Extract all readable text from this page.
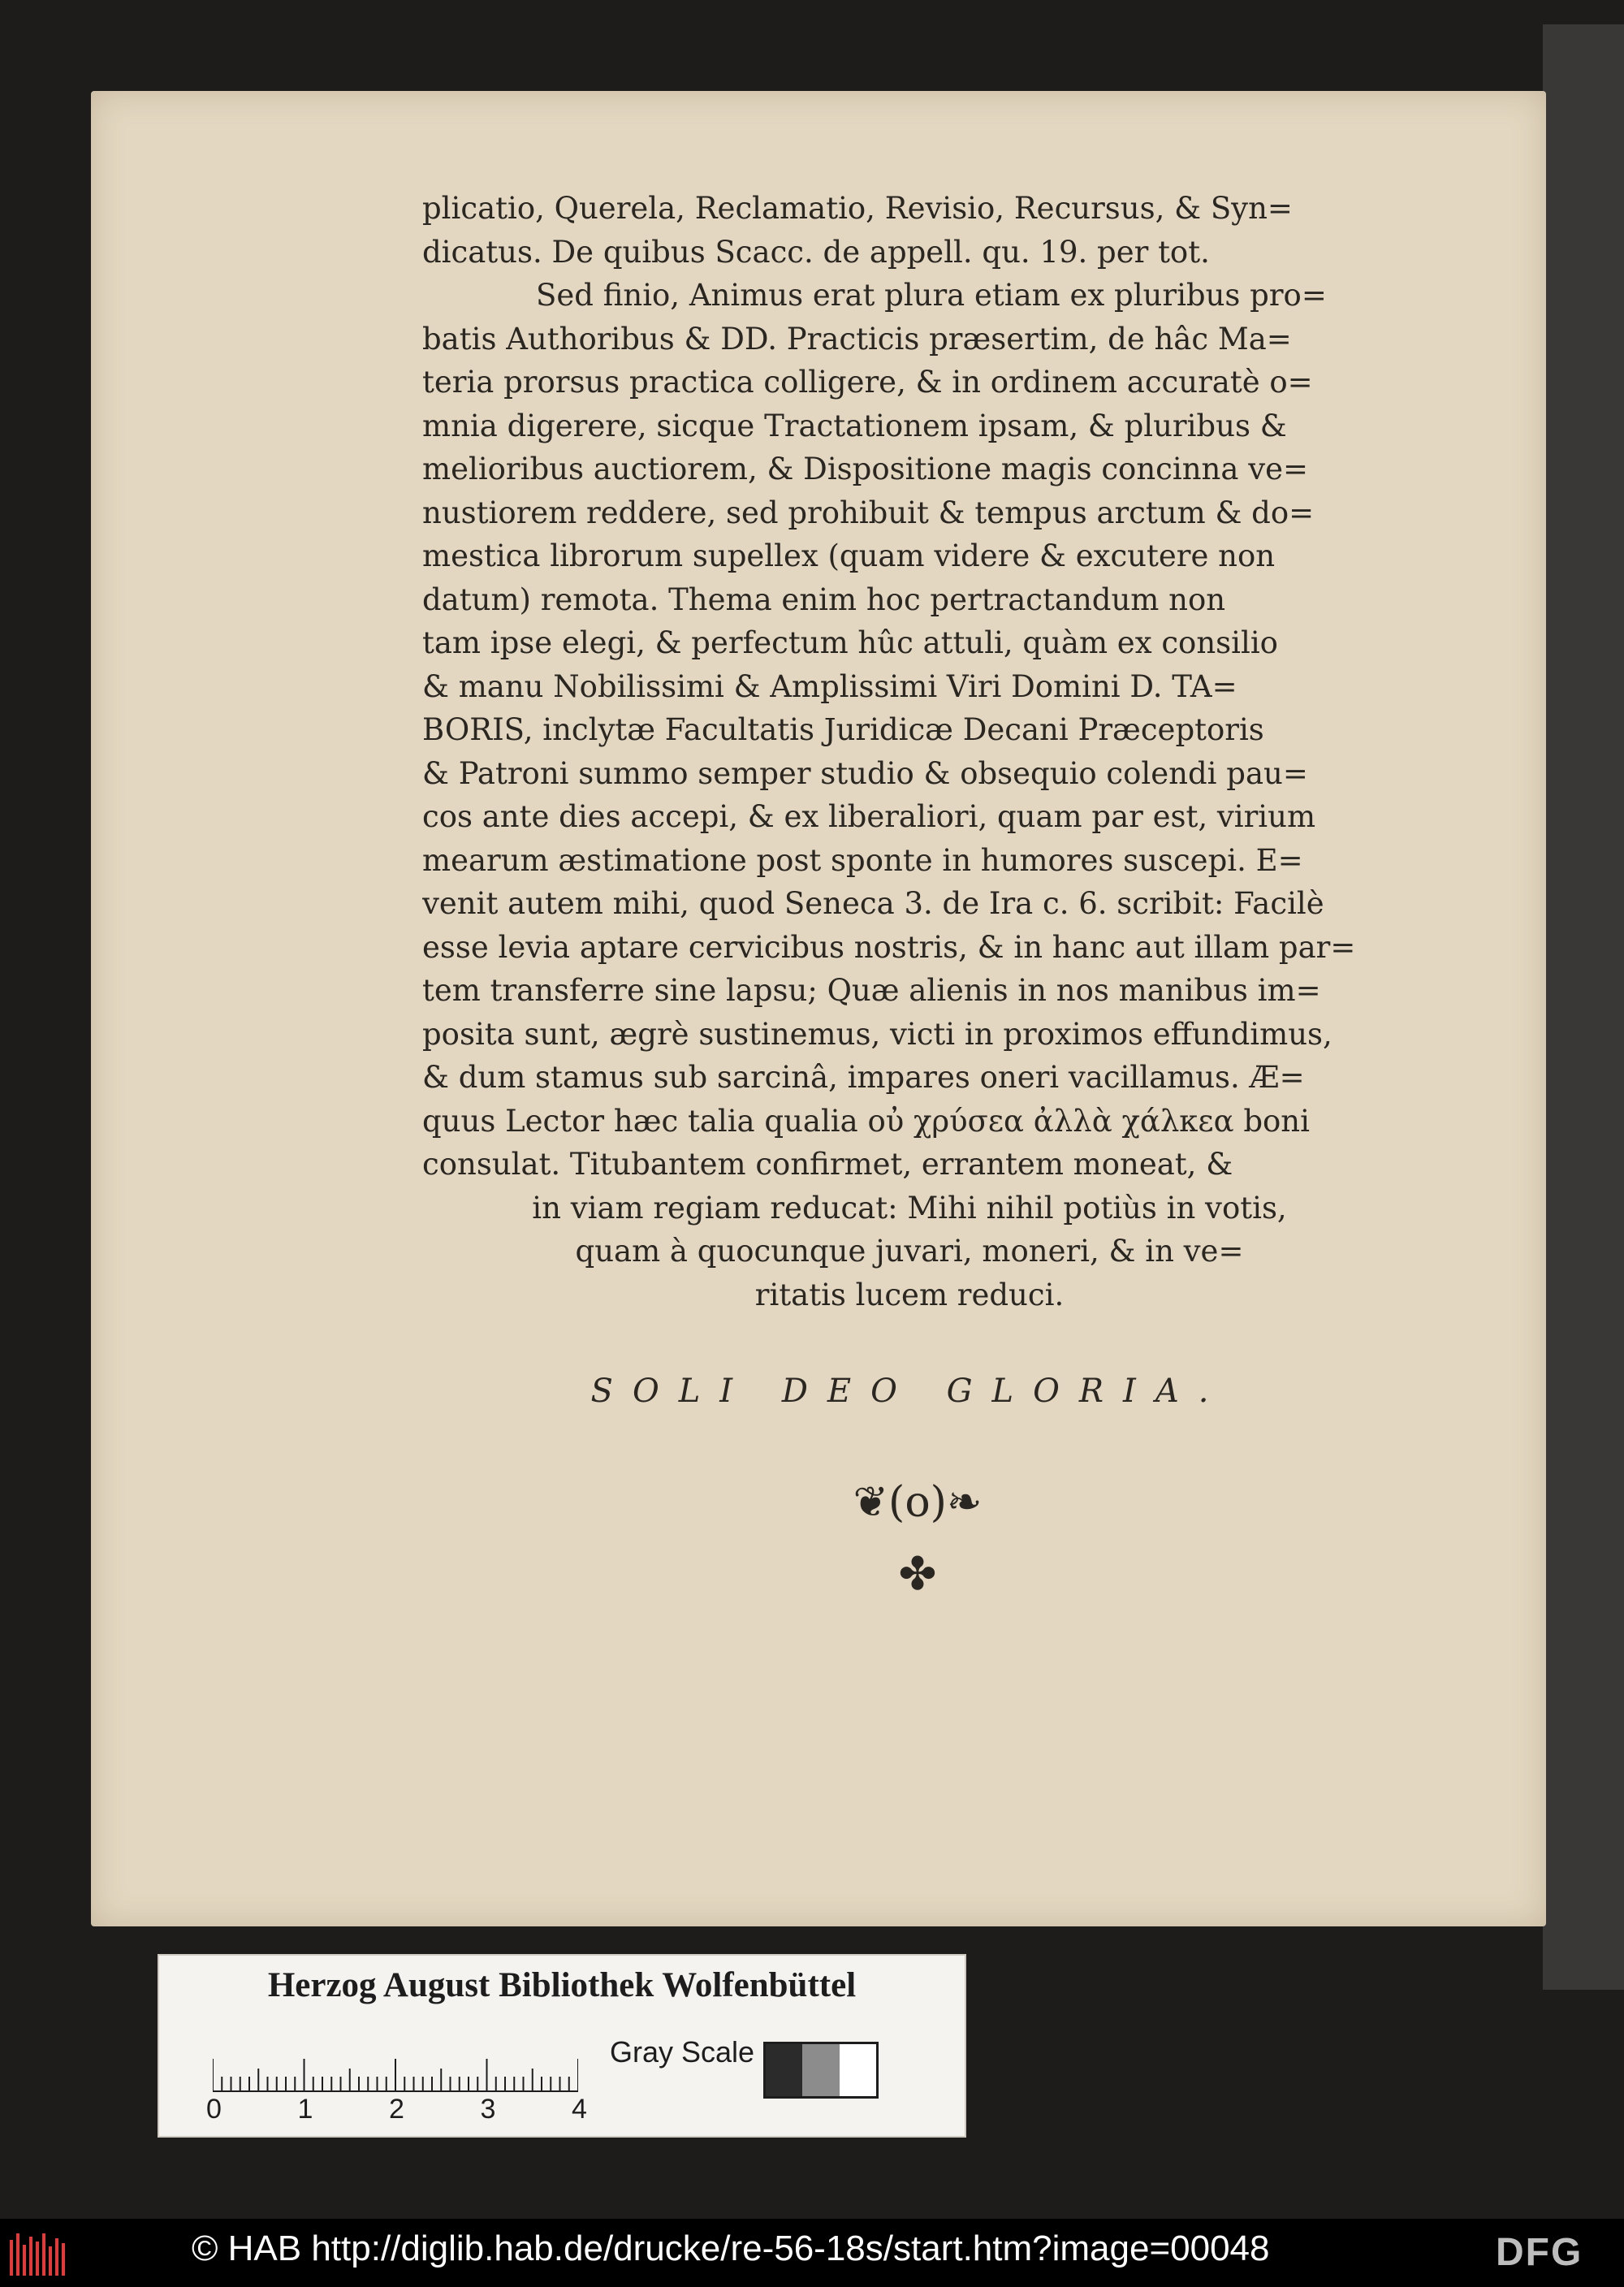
plicatio, Querela, Reclamatio, Revisio, Recursus, & Syn=
dicatus. De quibus Scacc. de appell. qu. 19. per tot.
Sed finio, Animus erat plura etiam ex pluribus pro=
batis Authoribus & DD. Practicis præsertim, de hâc Ma=
teria prorsus practica colligere, & in ordinem accuratè o=
mnia digerere, sicque Tractationem ipsam, & pluribus &
melioribus auctiorem, & Dispositione magis concinna ve=
nustiorem reddere, sed prohibuit & tempus arctum & do=
mestica librorum supellex (quam videre & excutere non
datum) remota. Thema enim hoc pertractandum non
tam ipse elegi, & perfectum hûc attuli, quàm ex consilio
& manu Nobilissimi & Amplissimi Viri Domini D. TA=
BORIS, inclytæ Facultatis Juridicæ Decani Præceptoris
& Patroni summo semper studio & obsequio colendi pau=
cos ante dies accepi, & ex liberaliori, quam par est, virium
mearum æstimatione post sponte in humores suscepi. E=
venit autem mihi, quod Seneca 3. de Ira c. 6. scribit: Facilè
esse levia aptare cervicibus nostris, & in hanc aut illam par=
tem transferre sine lapsu; Quæ alienis in nos manibus im=
posita sunt, ægrè sustinemus, victi in proximos effundimus,
& dum stamus sub sarcinâ, impares oneri vacillamus. Æ=
quus Lector hæc talia qualia οὐ χρύσεα ἀλλὰ χάλκεα boni
consulat. Titubantem confirmet, errantem moneat, &
in viam regiam reducat: Mihi nihil potiùs in votis,
quam à quocunque juvari, moneri, & in ve=
ritatis lucem reduci.
SOLI DEO GLORIA.
❦(o)❧
✤
Herzog August Bibliothek Wolfenbüttel
0	1	2	3	4
Gray Scale
© HAB http://diglib.hab.de/drucke/re-56-18s/start.htm?image=00048	DFG
